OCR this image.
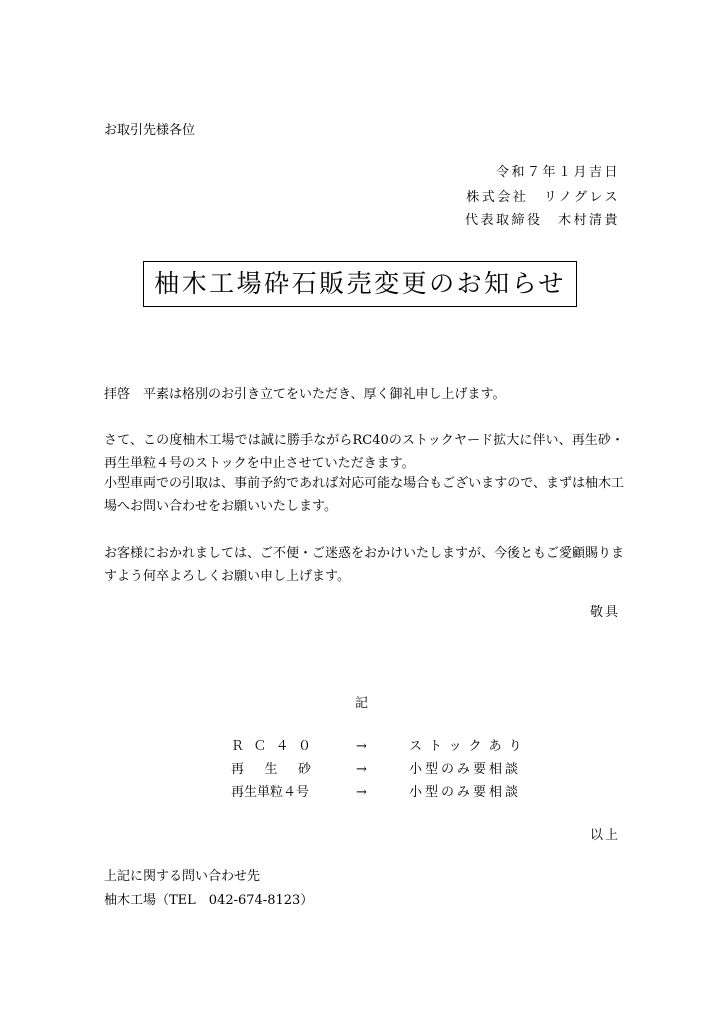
お取引先様各位
令和７年１月吉日
株式会社　リノグレス
代表取締役　木村清貴
柚木工場砕石販売変更のお知らせ
拝啓　平素は格別のお引き立てをいただき、厚く御礼申し上げます。
さて、この度柚木工場では誠に勝手ながらRC40のストックヤード拡大に伴い、再生砂・再生単粒４号のストックを中止させていただきます。
小型車両での引取は、事前予約であれば対応可能な場合もございますので、まずは柚木工場へお問い合わせをお願いいたします。
お客様におかれましては、ご不便・ご迷惑をおかけいたしますが、今後ともご愛顧賜りますよう何卒よろしくお願い申し上げます。
敬具
記
Ｒ Ｃ ４ ０	→	ストックあり
再 生 砂	→	小型のみ要相談
再生単粒４号	→	小型のみ要相談
以上
上記に関する問い合わせ先
柚木工場（TEL　042-674-8123）
